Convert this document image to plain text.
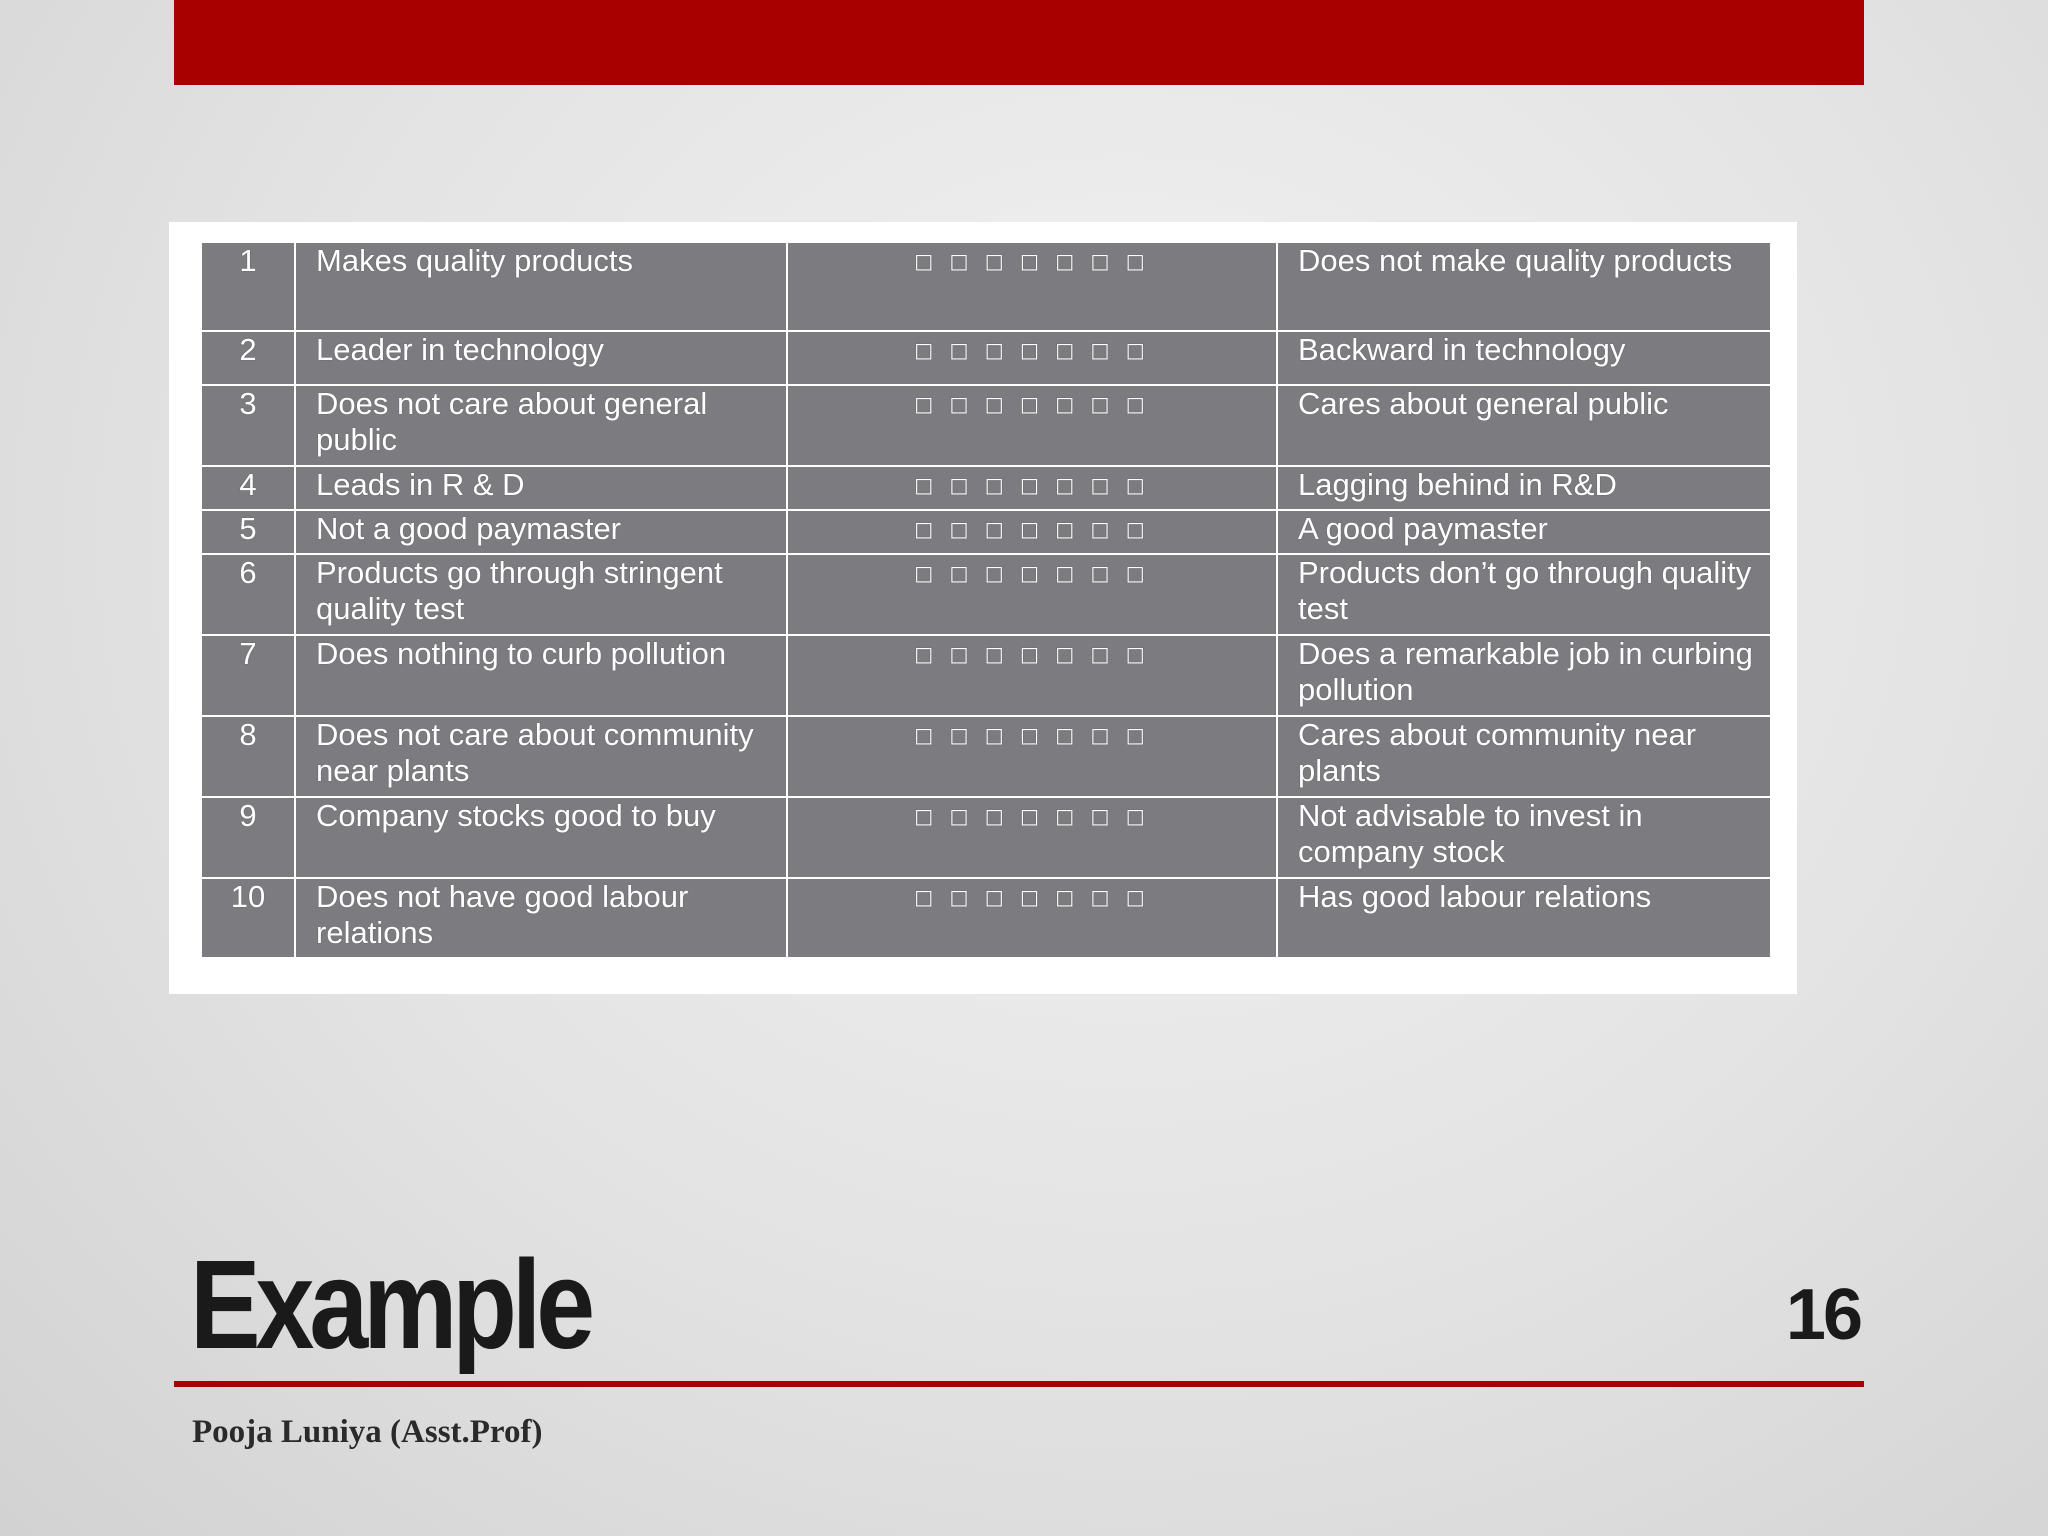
1	Makes quality products	□ □ □ □ □ □ □	Does not make quality products
2	Leader in technology	□ □ □ □ □ □ □	Backward in technology
3	Does not care about general public	□ □ □ □ □ □ □	Cares about general public
4	Leads in R & D	□ □ □ □ □ □ □	Lagging behind in R&D
5	Not a good paymaster	□ □ □ □ □ □ □	A good paymaster
6	Products go through stringent quality test	□ □ □ □ □ □ □	Products don’t go through quality test
7	Does nothing to curb pollution	□ □ □ □ □ □ □	Does a remarkable job in curbing pollution
8	Does not care about community near plants	□ □ □ □ □ □ □	Cares about community near plants
9	Company stocks good to buy	□ □ □ □ □ □ □	Not advisable to invest in company stock
10	Does not have good labour relations	□ □ □ □ □ □ □	Has good labour relations
Example	16
Pooja Luniya (Asst.Prof)
